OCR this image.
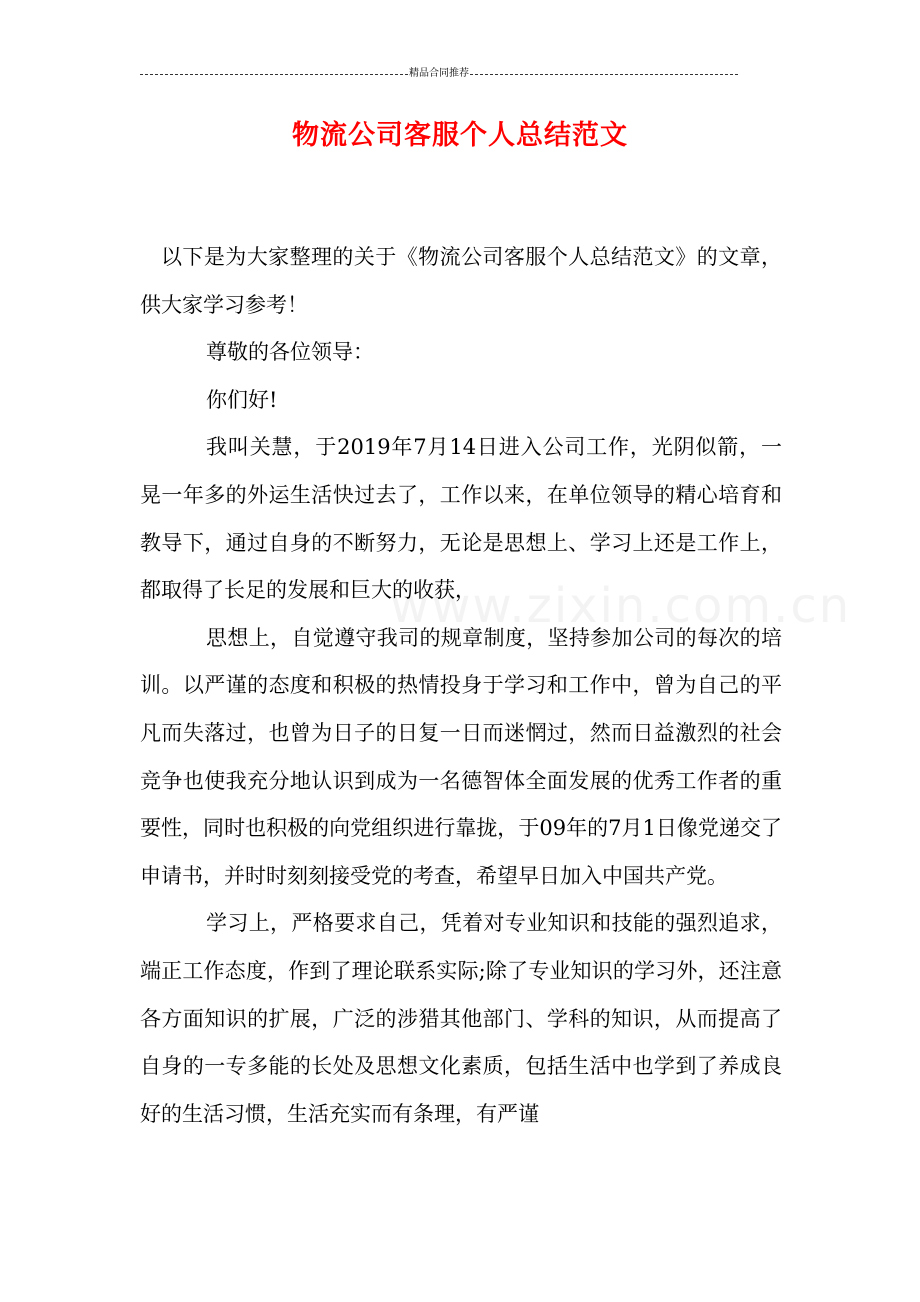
精品合同推荐
物流公司客服个人总结范文
www.zixin.com.cn

以下是为大家整理的关于《物流公司客服个人总结范文》的文章，供大家学习参考！

尊敬的各位领导：

你们好!

我叫关慧，于2019年7月14日进入公司工作，光阴似箭，一晃一年多的外运生活快过去了，工作以来，在单位领导的精心培育和教导下，通过自身的不断努力，无论是思想上、学习上还是工作上，都取得了长足的发展和巨大的收获，

思想上，自觉遵守我司的规章制度，坚持参加公司的每次的培训。以严谨的态度和积极的热情投身于学习和工作中，曾为自己的平凡而失落过，也曾为日子的日复一日而迷惘过，然而日益激烈的社会竞争也使我充分地认识到成为一名德智体全面发展的优秀工作者的重要性，同时也积极的向党组织进行靠拢，于09年的7月1日像党递交了申请书，并时时刻刻接受党的考查，希望早日加入中国共产党。

学习上，严格要求自己，凭着对专业知识和技能的强烈追求，端正工作态度，作到了理论联系实际;除了专业知识的学习外，还注意各方面知识的扩展，广泛的涉猎其他部门、学科的知识，从而提高了自身的一专多能的长处及思想文化素质，包括生活中也学到了养成良好的生活习惯，生活充实而有条理，有严谨
